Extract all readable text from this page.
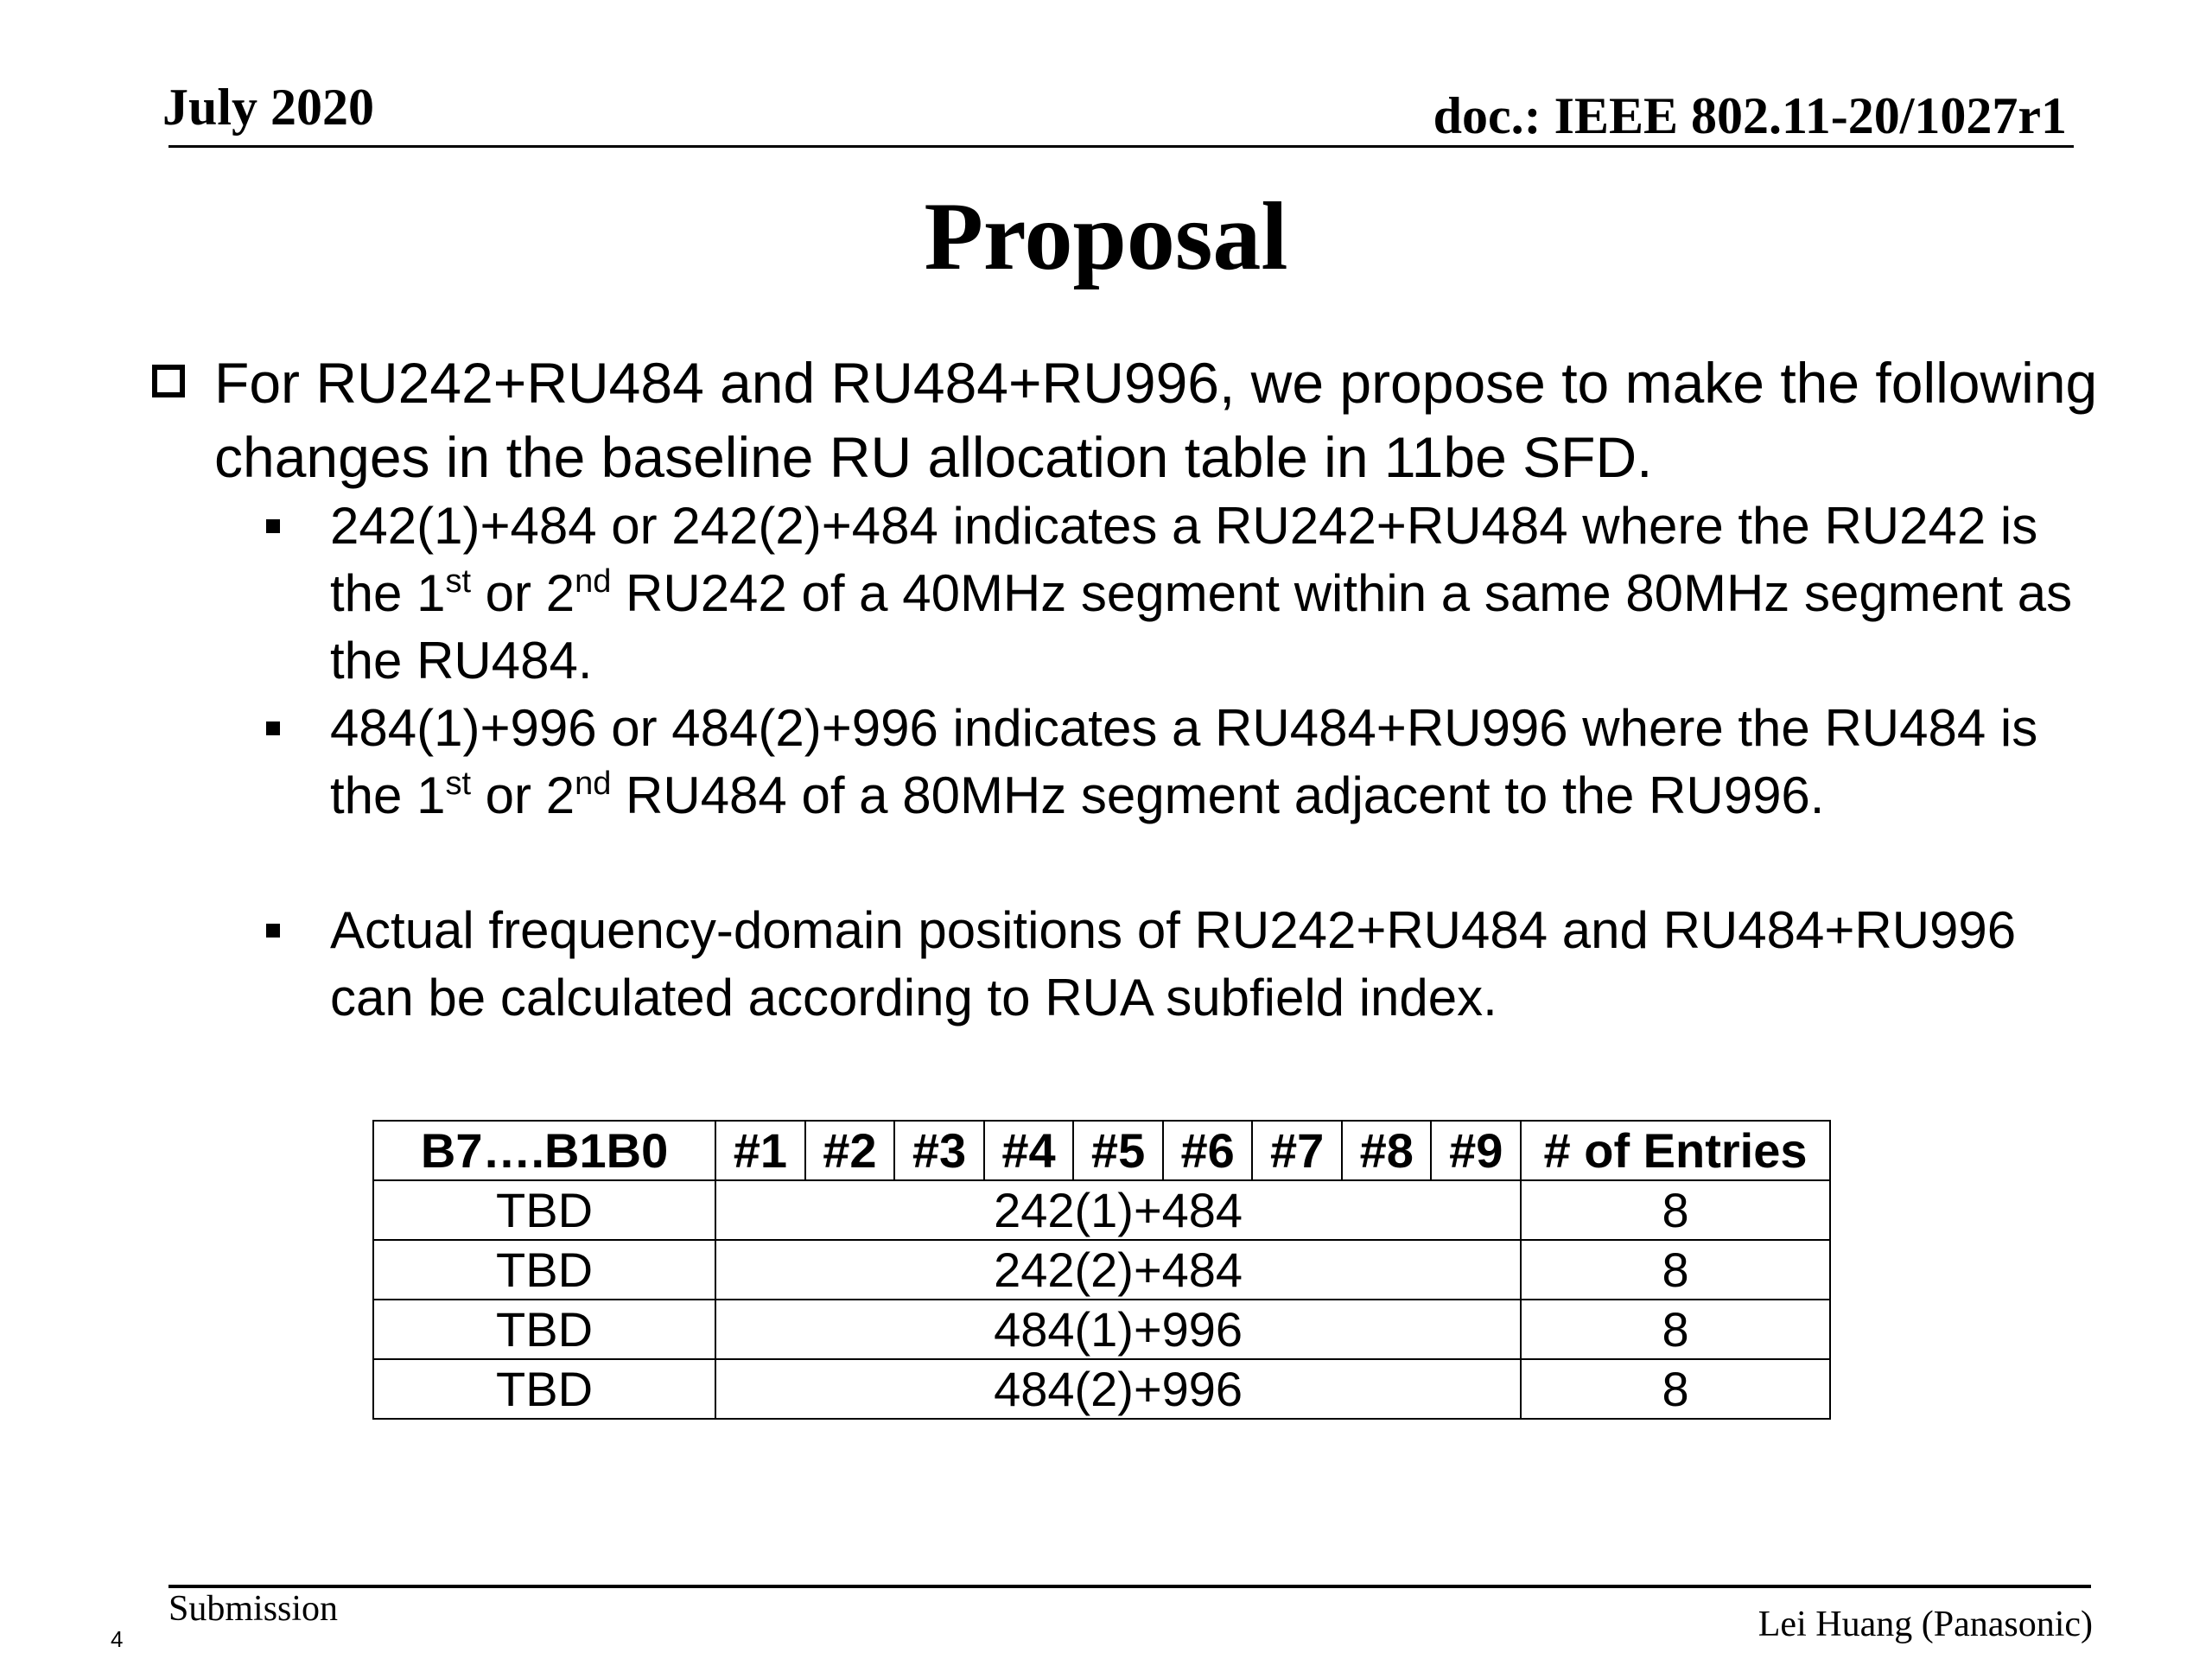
July 2020	doc.: IEEE 802.11-20/1027r1
Proposal
For RU242+RU484 and RU484+RU996, we propose to make the following changes in the baseline RU allocation table in 11be SFD.
242(1)+484 or 242(2)+484 indicates a RU242+RU484 where the RU242 is the 1st or 2nd RU242 of a 40MHz segment within a same 80MHz segment as the RU484.
484(1)+996 or 484(2)+996 indicates a RU484+RU996 where the RU484 is the 1st or 2nd RU484 of a 80MHz segment adjacent to the RU996.
Actual frequency-domain positions of RU242+RU484 and RU484+RU996 can be calculated according to RUA subfield index.
B7….B1B0	#1	#2	#3	#4	#5	#6	#7	#8	#9	# of Entries
TBD	242(1)+484									8
TBD	242(2)+484									8
TBD	484(1)+996									8
TBD	484(2)+996									8
Submission	Lei Huang (Panasonic)
4
